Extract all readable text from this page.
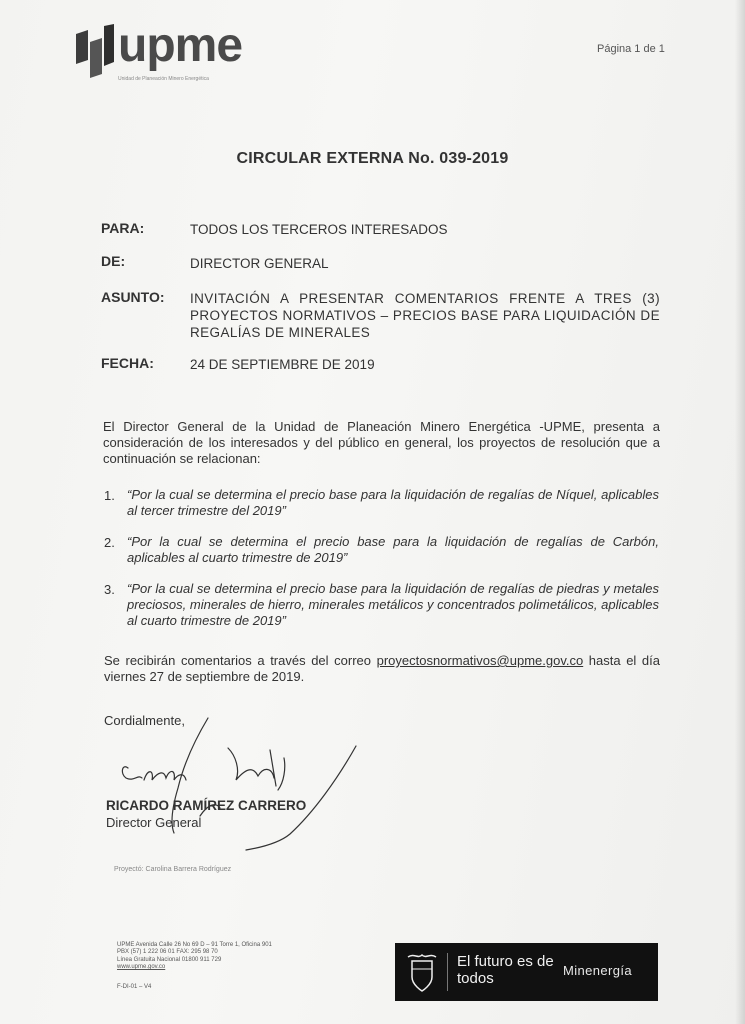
upme
Unidad de Planeación Minero Energética
Página 1 de 1
CIRCULAR EXTERNA No. 039-2019
PARA:	TODOS LOS TERCEROS INTERESADOS
DE:	DIRECTOR GENERAL
ASUNTO: INVITACIÓN A PRESENTAR COMENTARIOS FRENTE A TRES (3) PROYECTOS NORMATIVOS – PRECIOS BASE PARA LIQUIDACIÓN DE REGALÍAS DE MINERALES
FECHA:	24 DE SEPTIEMBRE DE 2019
El Director General de la Unidad de Planeación Minero Energética -UPME, presenta a consideración de los interesados y del público en general, los proyectos de resolución que a continuación se relacionan:
1. “Por la cual se determina el precio base para la liquidación de regalías de Níquel, aplicables al tercer trimestre del 2019”
2. “Por la cual se determina el precio base para la liquidación de regalías de Carbón, aplicables al cuarto trimestre de 2019”
3. “Por la cual se determina el precio base para la liquidación de regalías de piedras y metales preciosos, minerales de hierro, minerales metálicos y concentrados polimetálicos, aplicables al cuarto trimestre de 2019”
Se recibirán comentarios a través del correo proyectosnormativos@upme.gov.co hasta el día viernes 27 de septiembre de 2019.
Cordialmente,
RICARDO RAMÍREZ CARRERO
Director General
Proyectó: Carolina Barrera Rodríguez
UPME Avenida Calle 26 No 69 D – 91 Torre 1, Oficina 901
PBX (57) 1 222 06 01 FAX: 295 98 70
Línea Gratuita Nacional 01800 911 729
www.upme.gov.co
F-DI-01 – V4
El futuro es de todos	Minenergía
